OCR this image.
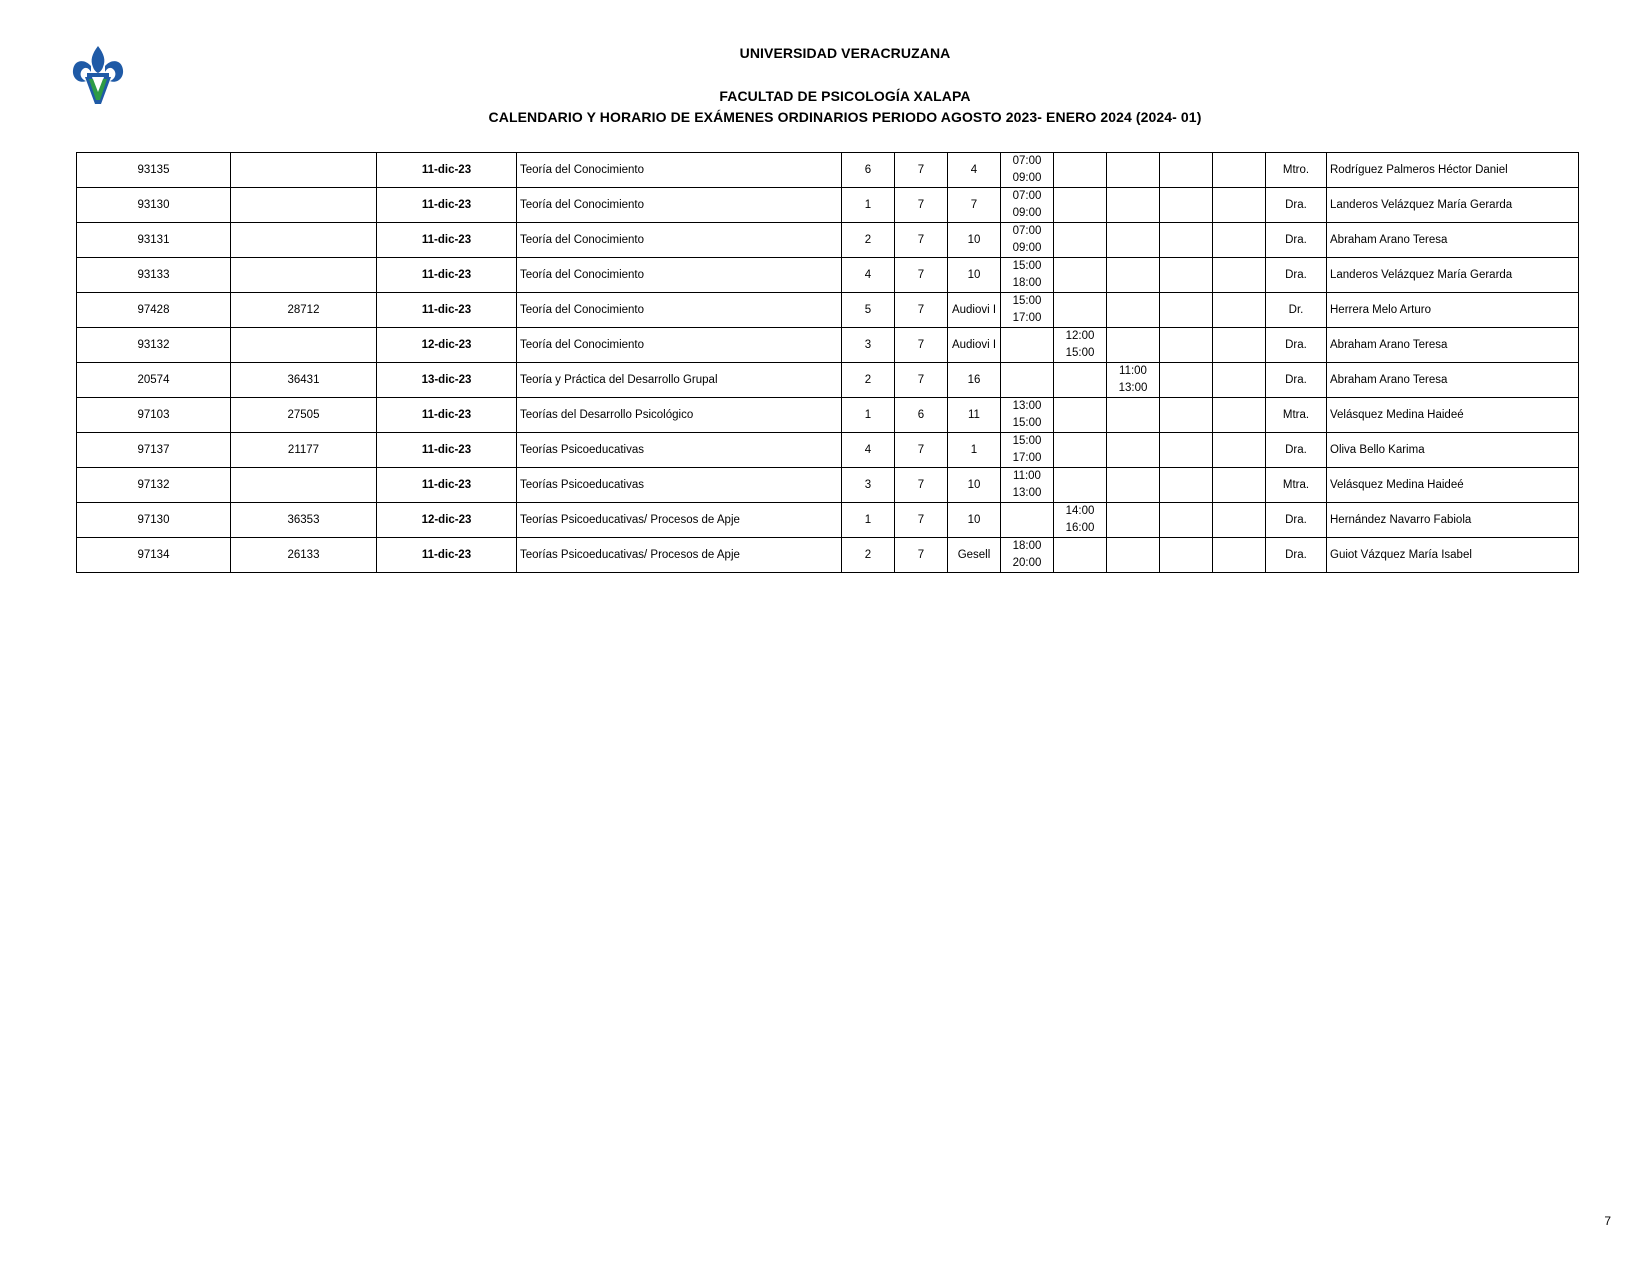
UNIVERSIDAD VERACRUZANA
FACULTAD DE PSICOLOGÍA XALAPA
CALENDARIO Y HORARIO DE EXÁMENES ORDINARIOS PERIODO AGOSTO 2023- ENERO 2024 (2024- 01)
93135		11-dic-23	Teoría del Conocimiento	6	7	4	07:00
09:00					Mtro.	Rodríguez Palmeros Héctor Daniel
93130		11-dic-23	Teoría del Conocimiento	1	7	7	07:00
09:00					Dra.	Landeros Velázquez María Gerarda
93131		11-dic-23	Teoría del Conocimiento	2	7	10	07:00
09:00					Dra.	Abraham Arano Teresa
93133		11-dic-23	Teoría del Conocimiento	4	7	10	15:00
18:00					Dra.	Landeros Velázquez María Gerarda
97428	28712	11-dic-23	Teoría del Conocimiento	5	7	Audiovi I	15:00
17:00					Dr.	Herrera Melo Arturo
93132		12-dic-23	Teoría del Conocimiento	3	7	Audiovi I		12:00
15:00				Dra.	Abraham Arano Teresa
20574	36431	13-dic-23	Teoría y Práctica del Desarrollo Grupal	2	7	16			11:00
13:00			Dra.	Abraham Arano Teresa
97103	27505	11-dic-23	Teorías del Desarrollo Psicológico	1	6	11	13:00
15:00					Mtra.	Velásquez Medina Haideé
97137	21177	11-dic-23	Teorías Psicoeducativas	4	7	1	15:00
17:00					Dra.	Oliva Bello Karima
97132		11-dic-23	Teorías Psicoeducativas	3	7	10	11:00
13:00					Mtra.	Velásquez Medina Haideé
97130	36353	12-dic-23	Teorías Psicoeducativas/ Procesos de Apje	1	7	10		14:00
16:00				Dra.	Hernández Navarro Fabiola
97134	26133	11-dic-23	Teorías Psicoeducativas/ Procesos de Apje	2	7	Gesell	18:00
20:00					Dra.	Guiot Vázquez María Isabel
7
